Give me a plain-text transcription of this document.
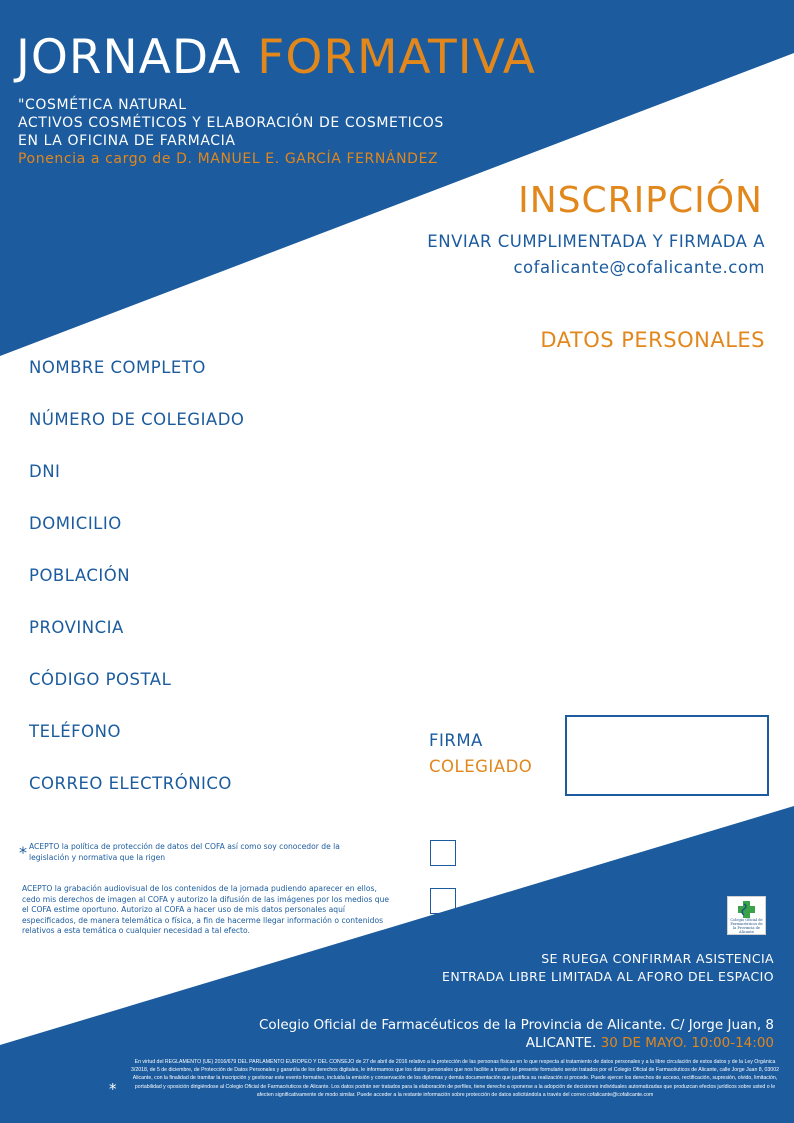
JORNADA FORMATIVA
"COSMÉTICA NATURAL
ACTIVOS COSMÉTICOS Y ELABORACIÓN DE COSMETICOS
EN LA OFICINA DE FARMACIA
Ponencia a cargo de D. MANUEL E. GARCÍA FERNÁNDEZ
INSCRIPCIÓN
ENVIAR CUMPLIMENTADA Y FIRMADA A
cofalicante@cofalicante.com
DATOS PERSONALES
NOMBRE COMPLETO
NÚMERO DE COLEGIADO
DNI
DOMICILIO
POBLACIÓN
PROVINCIA
CÓDIGO POSTAL
TELÉFONO
CORREO ELECTRÓNICO
FIRMA
COLEGIADO
* ACEPTO la política de protección de datos del COFA así como soy conocedor de la legislación y normativa que la rigen
ACEPTO la grabación audiovisual de los contenidos de la jornada pudiendo aparecer en ellos, cedo mis derechos de imagen al COFA y autorizo la difusión de las imágenes por los medios que el COFA estime oportuno. Autorizo al COFA a hacer uso de mis datos personales aquí especificados, de manera telemática o física, a fin de hacerme llegar información o contenidos relativos a esta temática o cualquier necesidad a tal efecto.
Colegio Oficial de Farmacéuticos de la Provincia de Alicante
SE RUEGA CONFIRMAR ASISTENCIA
ENTRADA LIBRE LIMITADA AL AFORO DEL ESPACIO
Colegio Oficial de Farmacéuticos de la Provincia de Alicante. C/ Jorge Juan, 8
ALICANTE. 30 DE MAYO. 10:00-14:00
*
En virtud del REGLAMENTO (UE) 2016/679 DEL PARLAMENTO EUROPEO Y DEL CONSEJO de 27 de abril de 2016 relativo a la protección de las personas físicas en lo que respecta al tratamiento de datos personales y a la libre circulación de estos datos y de la Ley Orgánica 3/2018, de 5 de diciembre, de Protección de Datos Personales y garantía de los derechos digitales, le informamos que los datos personales que nos facilite a través del presente formulario serán tratados por el Colegio Oficial de Farmacéuticos de Alicante, calle Jorge Juan 8, 03002 Alicante, con la finalidad de tramitar la inscripción y gestionar este evento formativo, incluida la emisión y conservación de los diplomas y demás documentación que justifica su realización si procede. Puede ejercer los derechos de acceso, rectificación, supresión, olvido, limitación, portabilidad y oposición dirigiéndose al Colegio Oficial de Farmacéuticos de Alicante. Los datos podrán ser tratados para la elaboración de perfiles, tiene derecho a oponerse a la adopción de decisiones individuales automatizadas que produzcan efectos jurídicos sobre usted o le afecten significativamente de modo similar. Puede acceder a la restante información sobre protección de datos solicitándola a través del correo cofalicante@cofalicante.com
